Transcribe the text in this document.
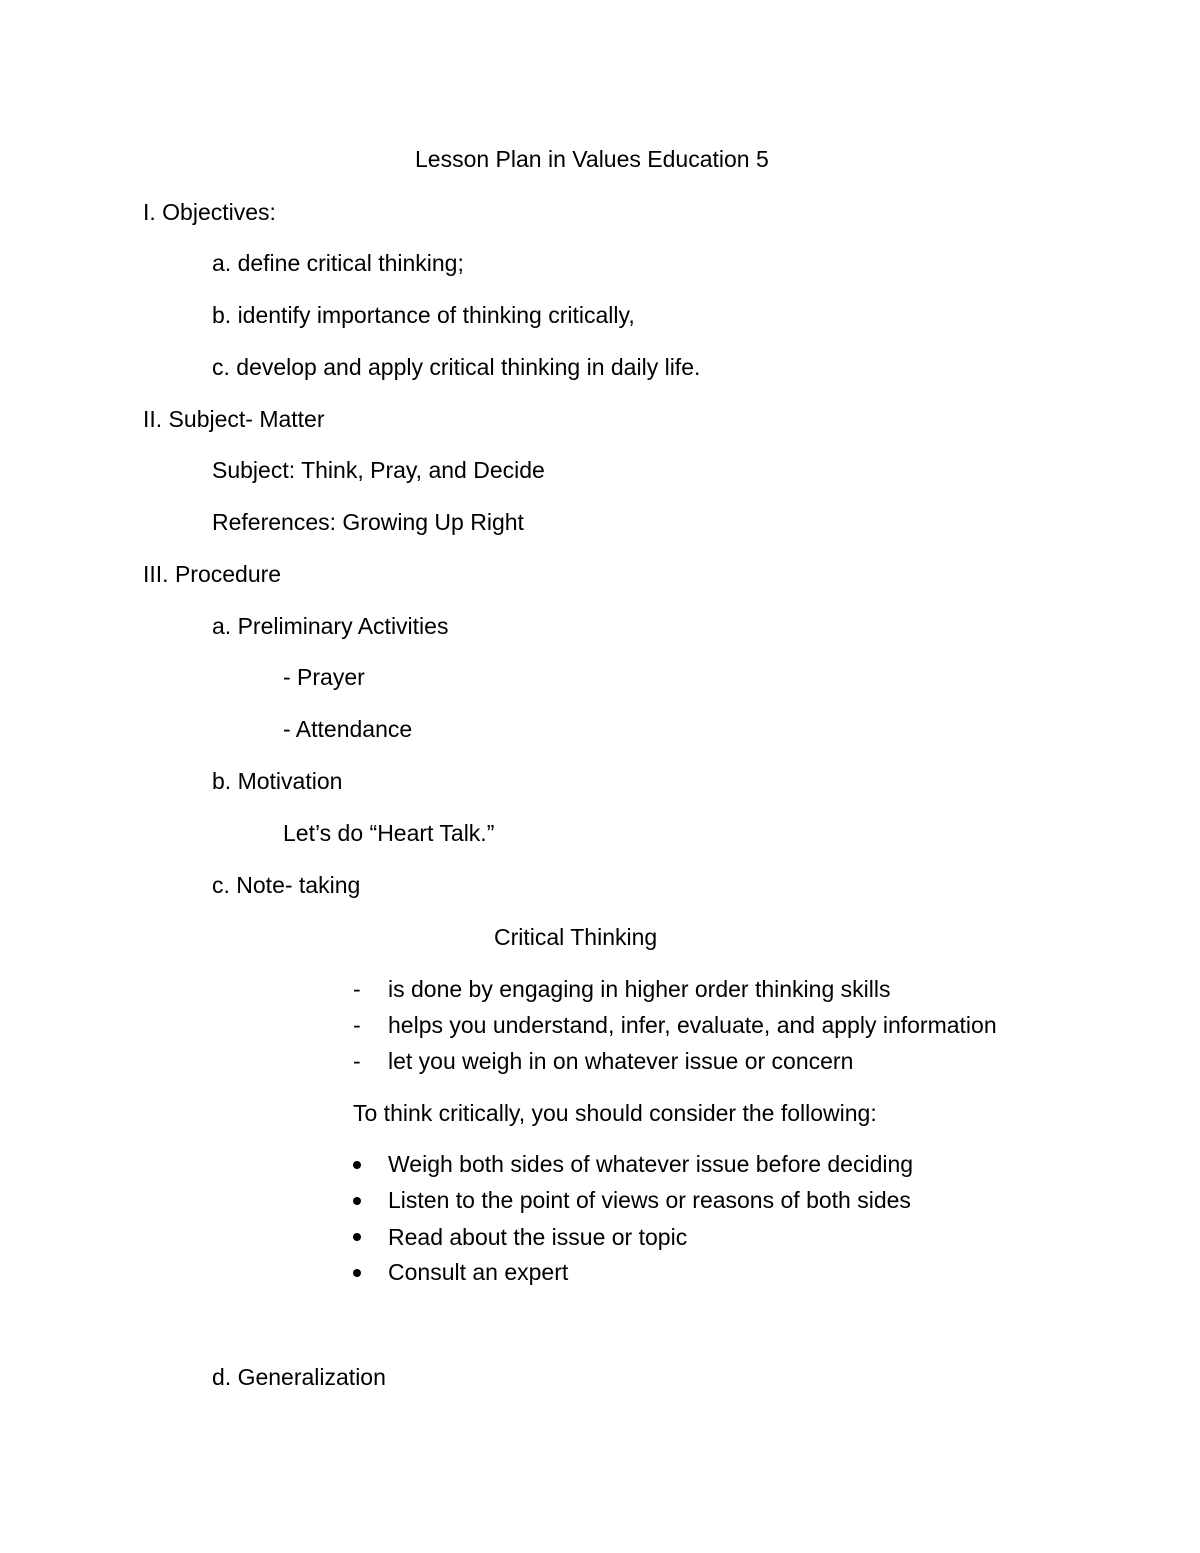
Lesson Plan in Values Education 5
I. Objectives:
a. define critical thinking;
b. identify importance of thinking critically,
c. develop and apply critical thinking in daily life.
II. Subject- Matter
Subject: Think, Pray, and Decide
References: Growing Up Right
III. Procedure
a. Preliminary Activities
- Prayer
- Attendance
b. Motivation
Let’s do “Heart Talk.”
c. Note- taking
Critical Thinking
- is done by engaging in higher order thinking skills
- helps you understand, infer, evaluate, and apply information
- let you weigh in on whatever issue or concern
To think critically, you should consider the following:
Weigh both sides of whatever issue before deciding
Listen to the point of views or reasons of both sides
Read about the issue or topic
Consult an expert
d. Generalization
